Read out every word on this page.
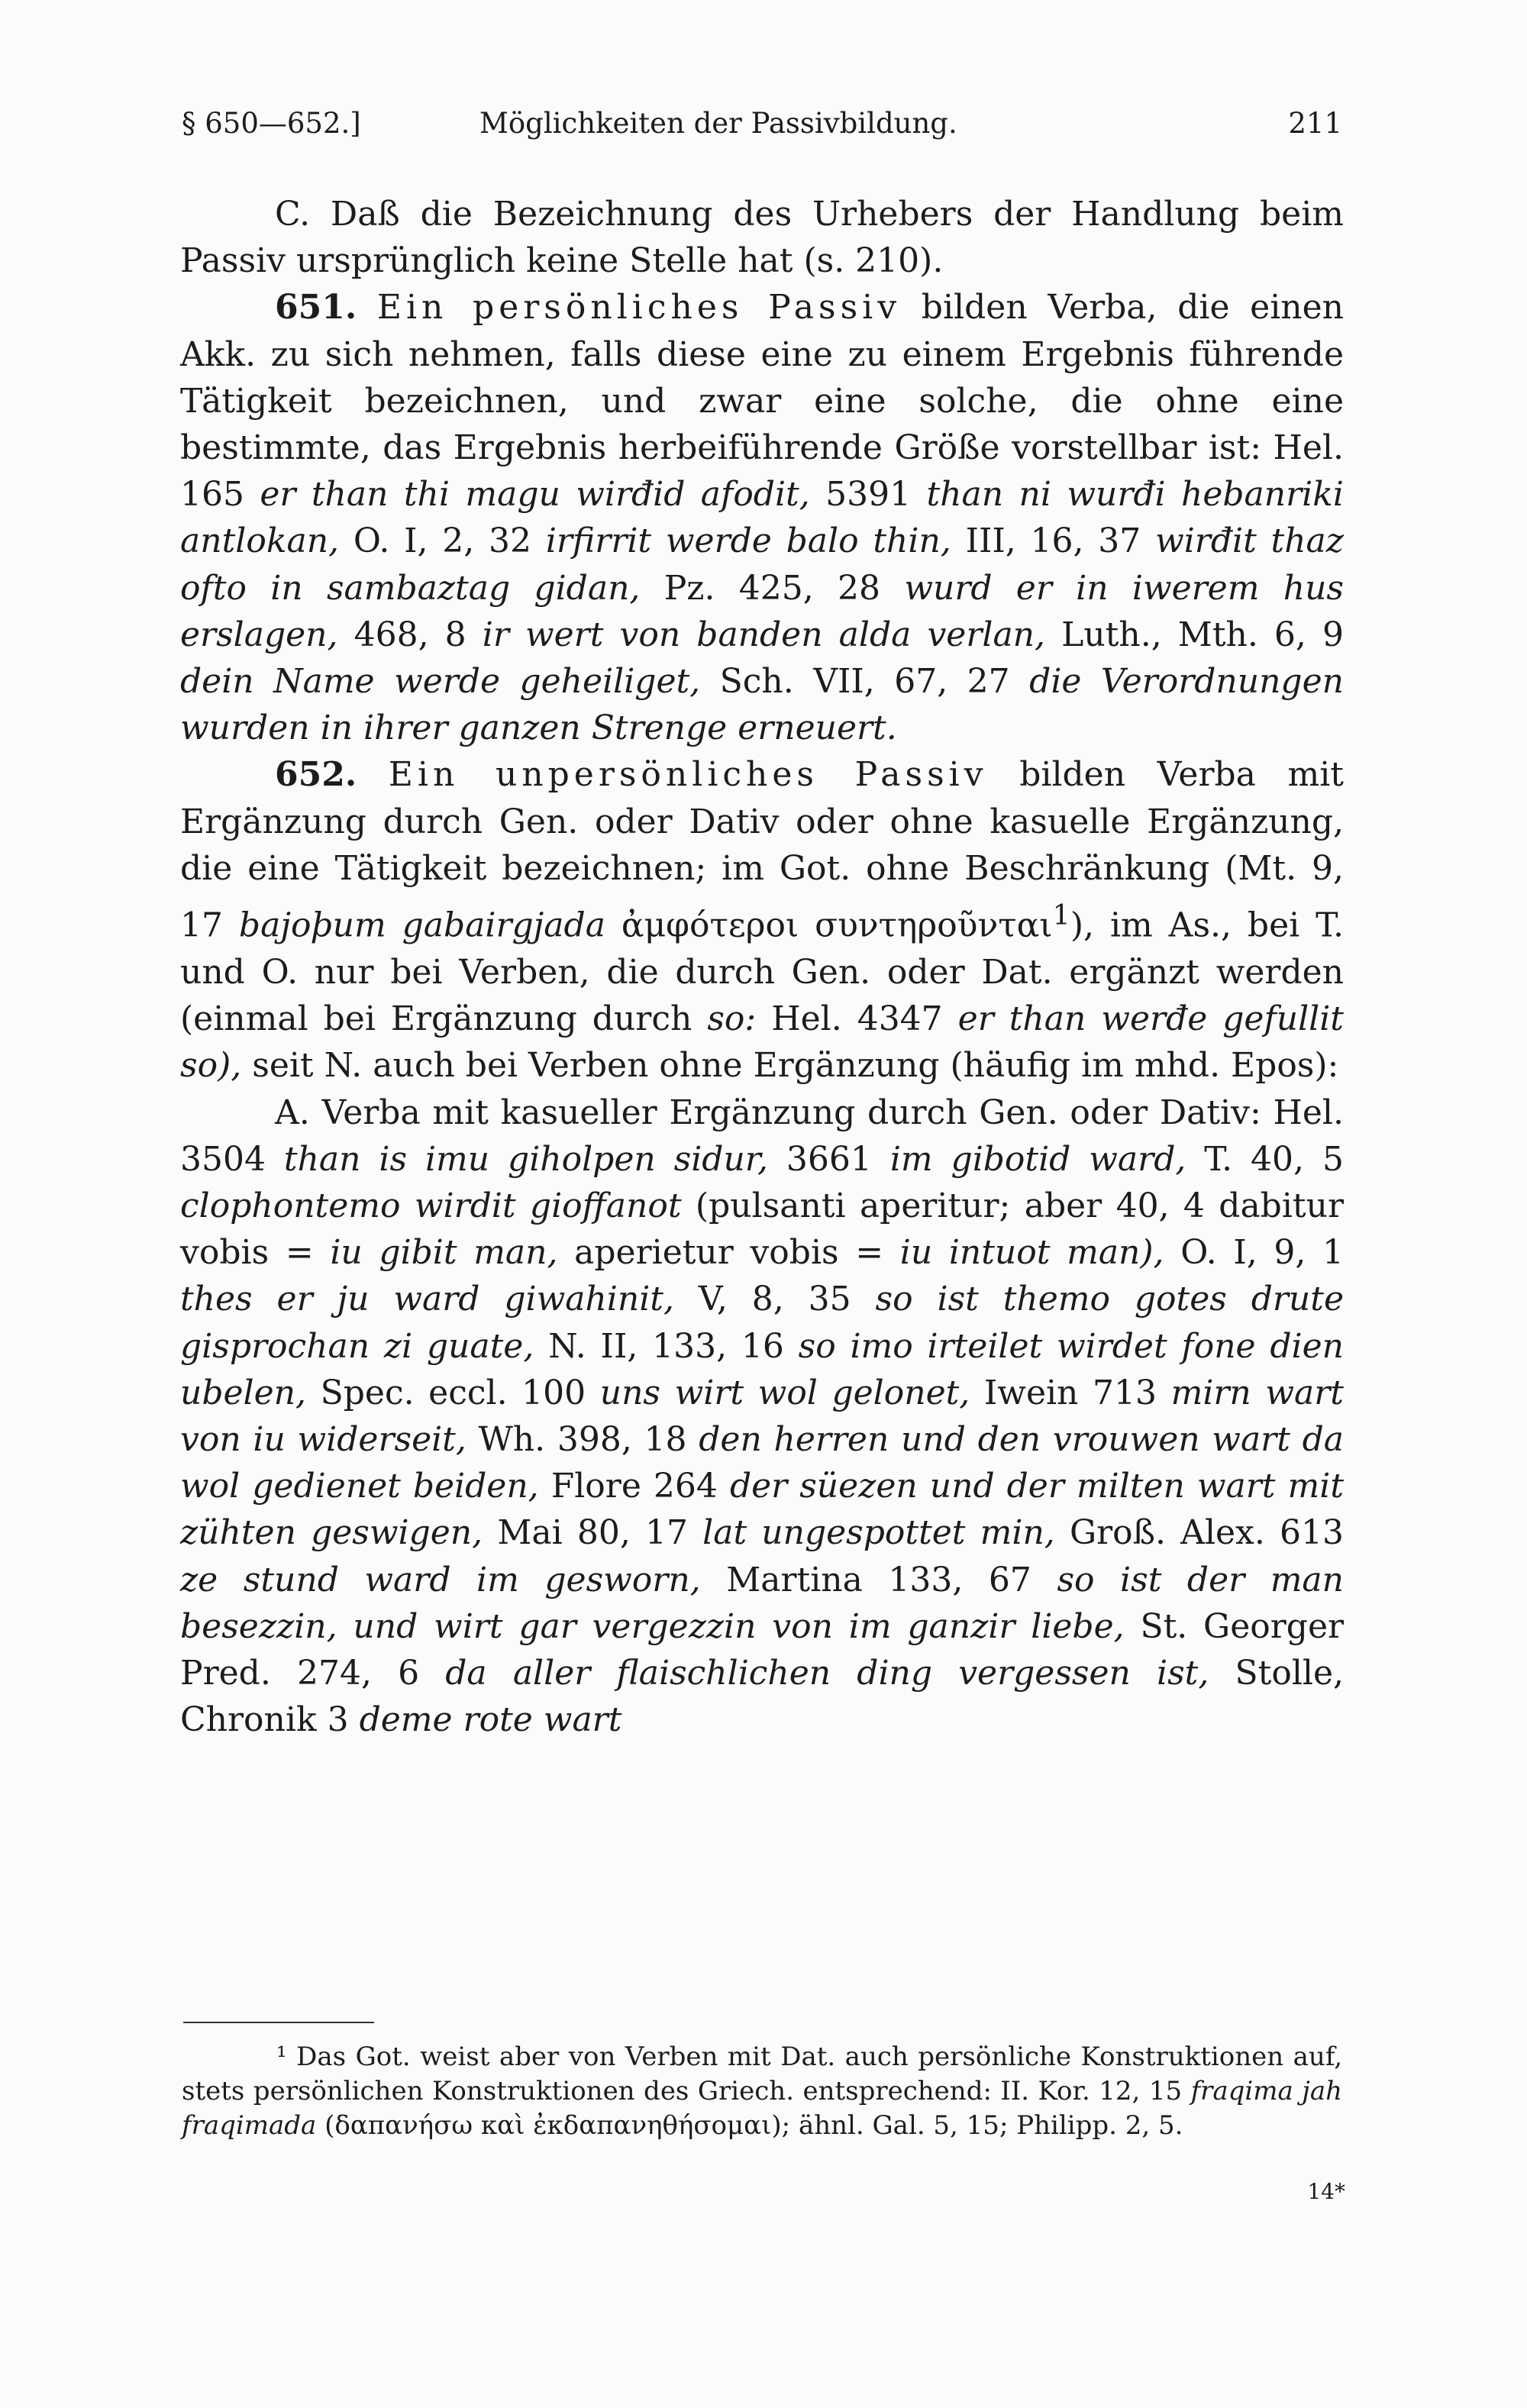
§ 650—652.]	Möglichkeiten der Passivbildung.	211

C. Daß die Bezeichnung des Urhebers der Handlung beim Passiv ursprünglich keine Stelle hat (s. 210).

651. Ein persönliches Passiv bilden Verba, die einen Akk. zu sich nehmen, falls diese eine zu einem Ergebnis führende Tätigkeit bezeichnen, und zwar eine solche, die ohne eine bestimmte, das Ergebnis herbeiführende Größe vorstellbar ist: Hel. 165 er than thi magu wirđid afodit, 5391 than ni wurđi hebanriki antlokan, O. I, 2, 32 irfirrit werde balo thin, III, 16, 37 wirđit thaz ofto in sambaztag gidan, Pz. 425, 28 wurd er in iwerem hus erslagen, 468, 8 ir wert von banden alda verlan, Luth., Mth. 6, 9 dein Name werde geheiliget, Sch. VII, 67, 27 die Verordnungen wurden in ihrer ganzen Strenge erneuert.

652. Ein unpersönliches Passiv bilden Verba mit Ergänzung durch Gen. oder Dativ oder ohne kasuelle Ergänzung, die eine Tätigkeit bezeichnen; im Got. ohne Beschränkung (Mt. 9, 17 bajoþum gabairgjada ἀμφότεροι συντηροῦνται$^1$), im As., bei T. und O. nur bei Verben, die durch Gen. oder Dat. ergänzt werden (einmal bei Ergänzung durch so: Hel. 4347 er than werđe gefullit so), seit N. auch bei Verben ohne Ergänzung (häufig im mhd. Epos):

A. Verba mit kasueller Ergänzung durch Gen. oder Dativ: Hel. 3504 than is imu giholpen sidur, 3661 im gibotid ward, T. 40, 5 clophontemo wirdit gioffanot (pulsanti aperitur; aber 40, 4 dabitur vobis = iu gibit man, aperietur vobis = iu intuot man), O. I, 9, 1 thes er ju ward giwahinit, V, 8, 35 so ist themo gotes drute gisprochan zi guate, N. II, 133, 16 so imo irteilet wirdet fone dien ubelen, Spec. eccl. 100 uns wirt wol gelonet, Iwein 713 mirn wart von iu widerseit, Wh. 398, 18 den herren und den vrouwen wart da wol gedienet beiden, Flore 264 der süezen und der milten wart mit zühten geswigen, Mai 80, 17 lat ungespottet min, Groß. Alex. 613 ze stund ward im gesworn, Martina 133, 67 so ist der man besezzin, und wirt gar vergezzin von im ganzir liebe, St. Georger Pred. 274, 6 da aller flaischlichen ding vergessen ist, Stolle, Chronik 3 deme rote wart

¹ Das Got. weist aber von Verben mit Dat. auch persönliche Konstruktionen auf, stets persönlichen Konstruktionen des Griech. entsprechend: II. Kor. 12, 15 fraqima jah fraqimada (δαπανήσω καὶ ἐκδαπανηθήσομαι); ähnl. Gal. 5, 15; Philipp. 2, 5.

14*
